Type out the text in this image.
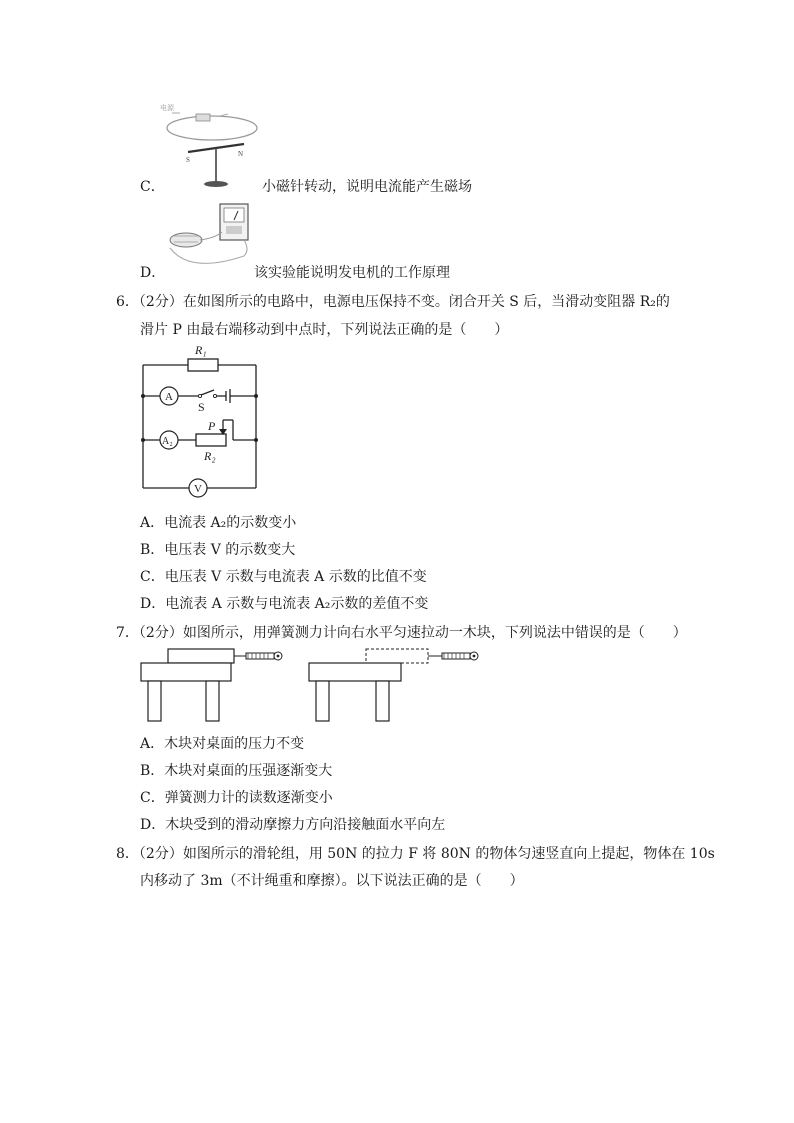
电源
S
N
C．	小磁针转动，说明电流能产生磁场
D．	该实验能说明发电机的工作原理
6．（2分）在如图所示的电路中，电源电压保持不变。闭合开关 S 后，当滑动变阻器 R₂的
滑片 P 由最右端移动到中点时，下列说法正确的是（　　）
A
A₂
V
R₁
S
P
R₂
A．电流表 A₂的示数变小
B．电压表 V 的示数变大
C．电压表 V 示数与电流表 A 示数的比值不变
D．电流表 A 示数与电流表 A₂示数的差值不变
7．（2分）如图所示，用弹簧测力计向右水平匀速拉动一木块，下列说法中错误的是（　　）
A．木块对桌面的压力不变
B．木块对桌面的压强逐渐变大
C．弹簧测力计的读数逐渐变小
D．木块受到的滑动摩擦力方向沿接触面水平向左
8．（2分）如图所示的滑轮组，用 50N 的拉力 F 将 80N 的物体匀速竖直向上提起，物体在 10s
内移动了 3m（不计绳重和摩擦）。以下说法正确的是（　　）
